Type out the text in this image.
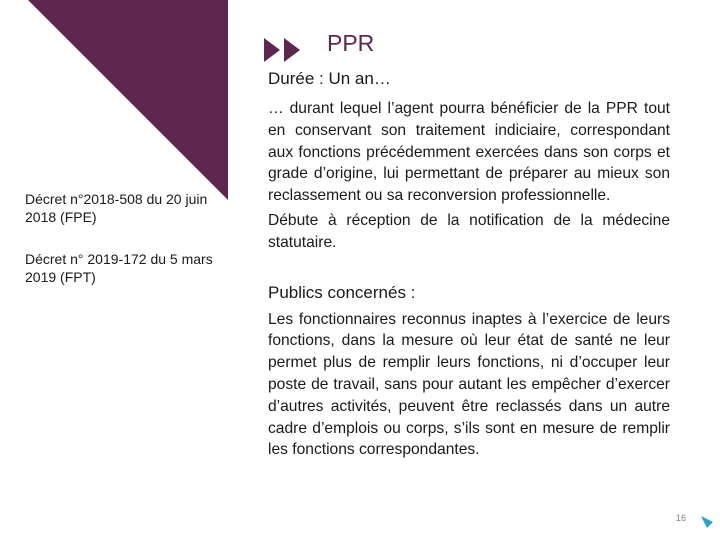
PPR
Décret n°2018-508 du 20 juin 2018 (FPE)
Décret n° 2019-172 du 5 mars 2019 (FPT)
Durée : Un an…

… durant lequel l’agent pourra bénéficier de la PPR tout en conservant son traitement indiciaire, correspondant aux fonctions précédemment exercées dans son corps et grade d’origine, lui permettant de préparer au mieux son reclassement ou sa reconversion professionnelle.

Débute à réception de la notification de la médecine statutaire.

Publics concernés :

Les fonctionnaires reconnus inaptes à l’exercice de leurs fonctions, dans la mesure où leur état de santé ne leur permet plus de remplir leurs fonctions, ni d’occuper leur poste de travail, sans pour autant les empêcher d’exercer d’autres activités, peuvent être reclassés dans un autre cadre d’emplois ou corps, s’ils sont en mesure de remplir les fonctions correspondantes.

16
